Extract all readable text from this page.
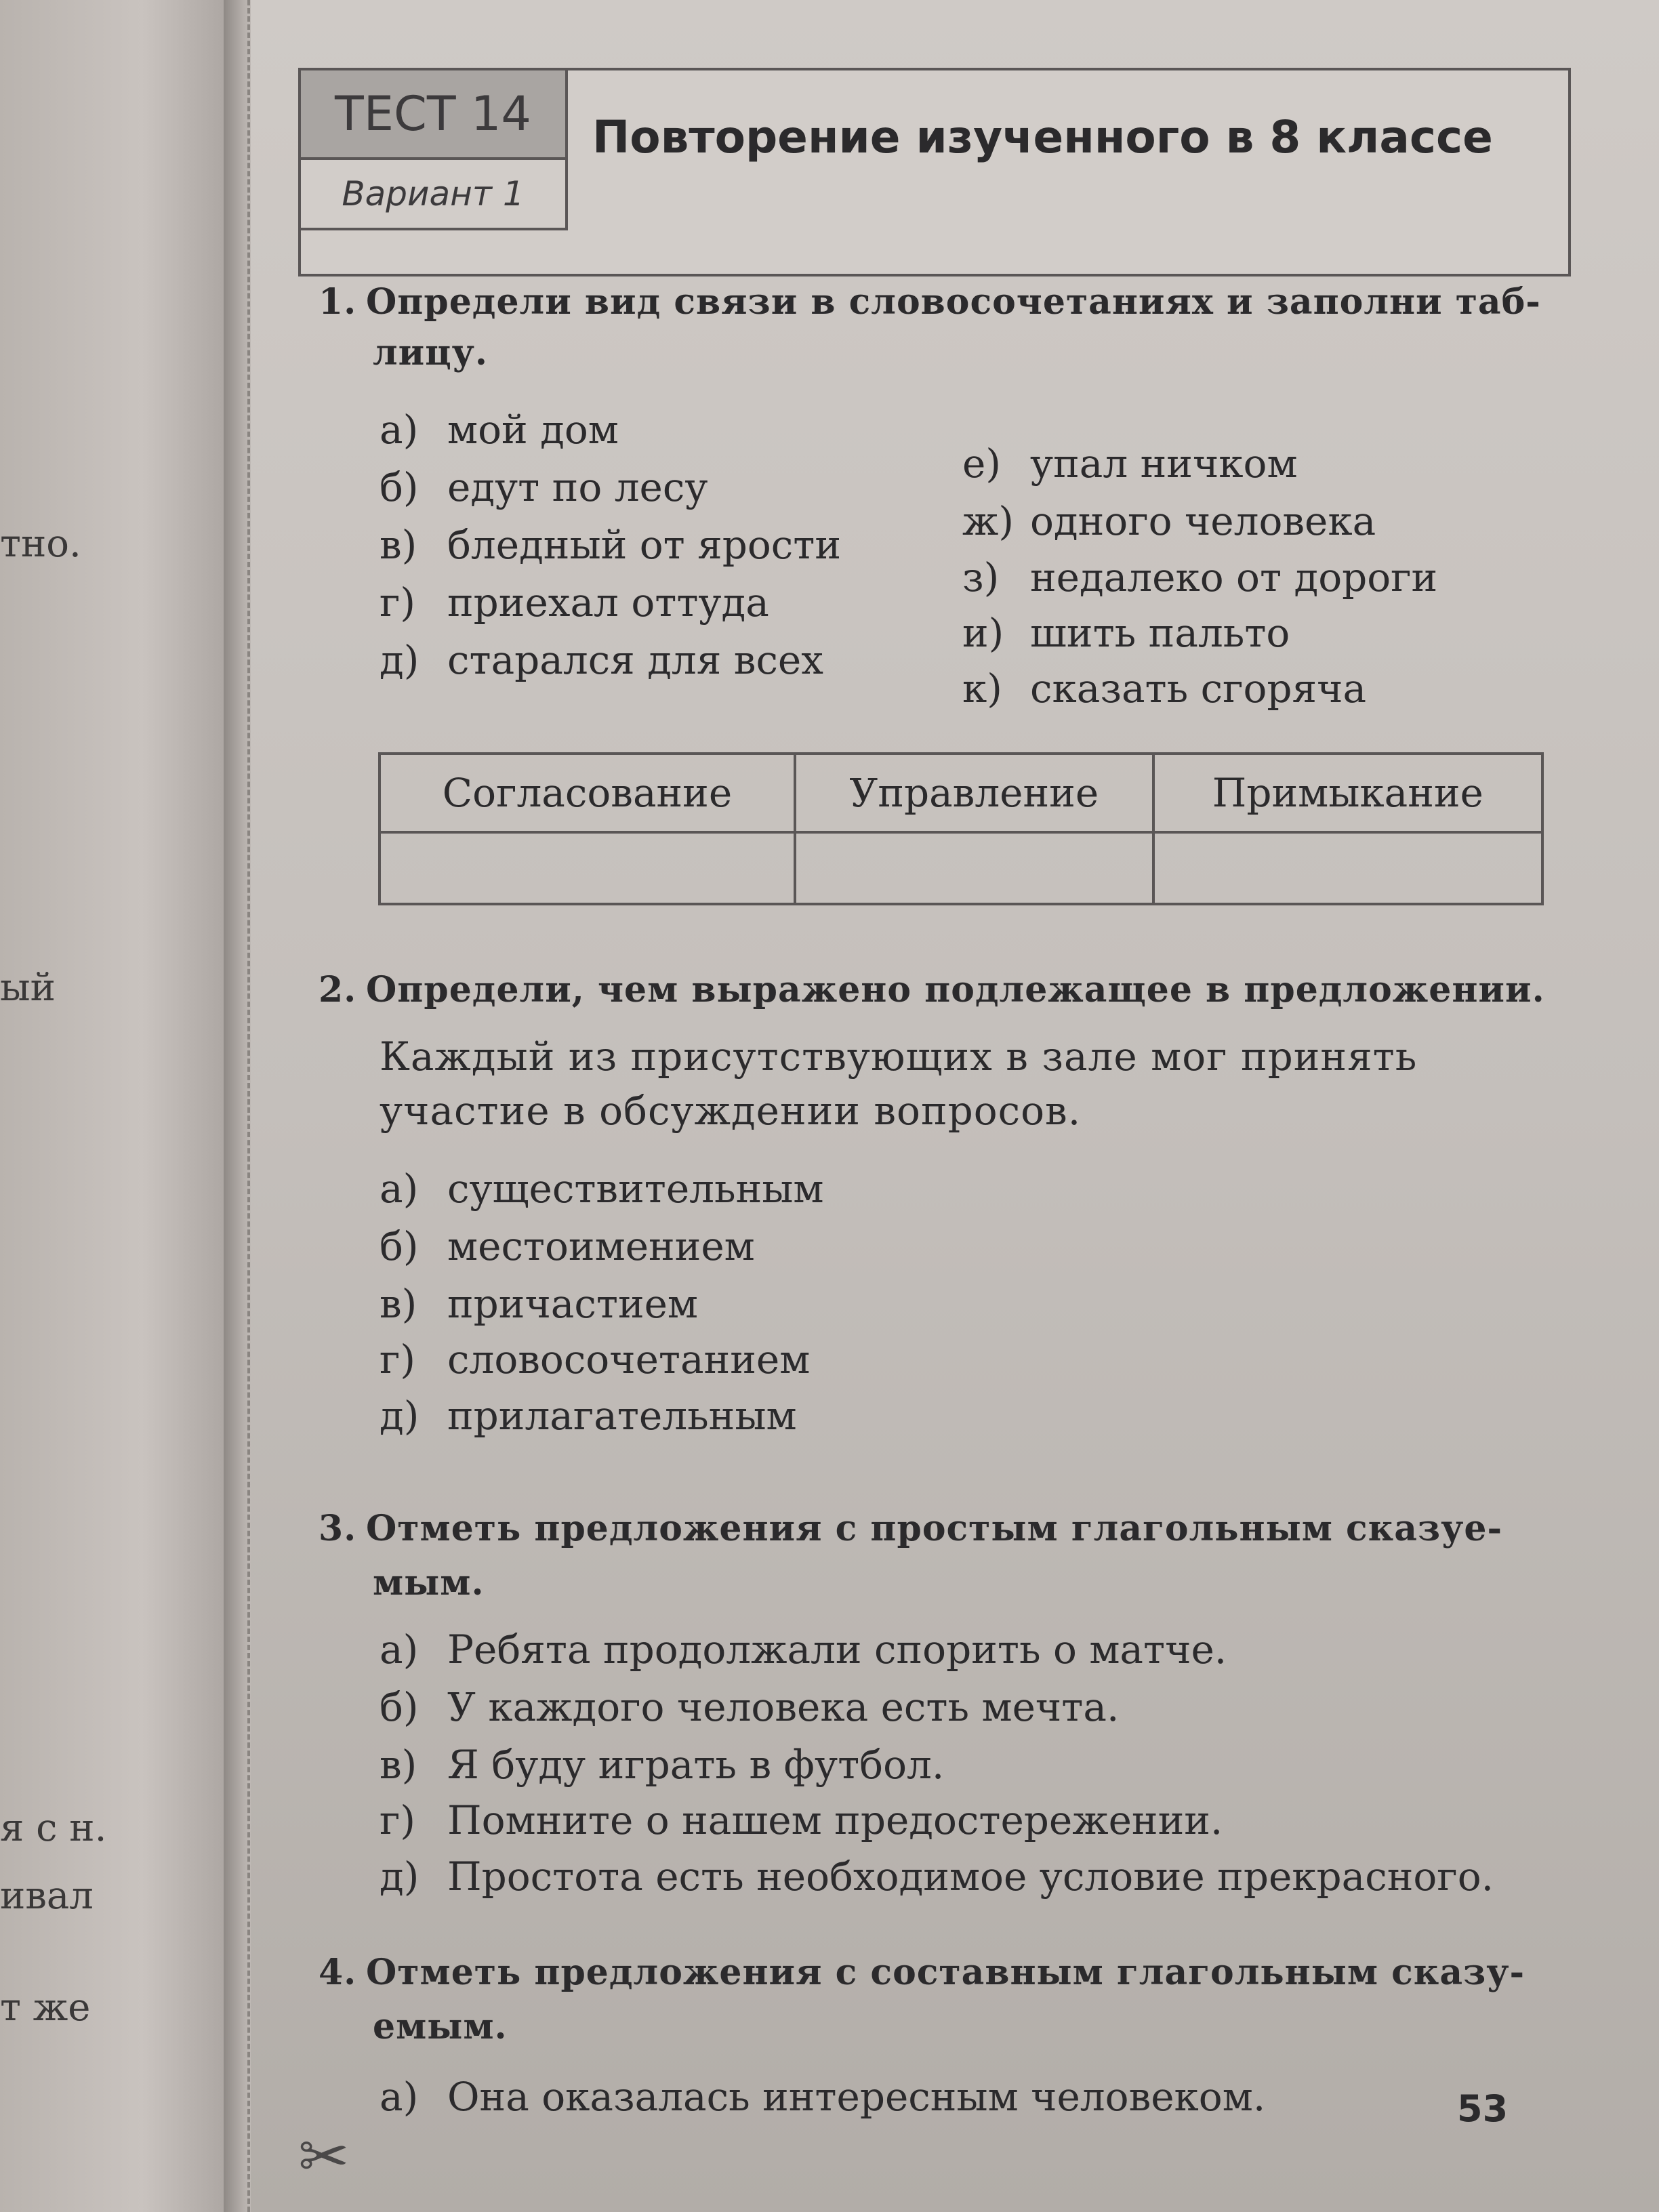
тно.
ый
я с н.
ивал
т же
ТЕСТ 14
Вариант 1
Повторение изученного в 8 классе
1. Определи вид связи в словосочетаниях и заполни таб-
лицу.
а) мой дом
б) едут по лесу
в) бледный от ярости
г) приехал оттуда
д) старался для всех
е) упал ничком
ж) одного человека
з) недалеко от дороги
и) шить пальто
к) сказать сгоряча
Согласование	Управление	Примыкание

2. Определи, чем выражено подлежащее в предложении.
Каждый из присутствующих в зале мог принять
участие в обсуждении вопросов.
а) существительным
б) местоимением
в) причастием
г) словосочетанием
д) прилагательным
3. Отметь предложения с простым глагольным сказуе-
мым.
а) Ребята продолжали спорить о матче.
б) У каждого человека есть мечта.
в) Я буду играть в футбол.
г) Помните о нашем предостережении.
д) Простота есть необходимое условие прекрасного.
4. Отметь предложения с составным глагольным сказу-
емым.
а) Она оказалась интересным человеком.	53
✂
